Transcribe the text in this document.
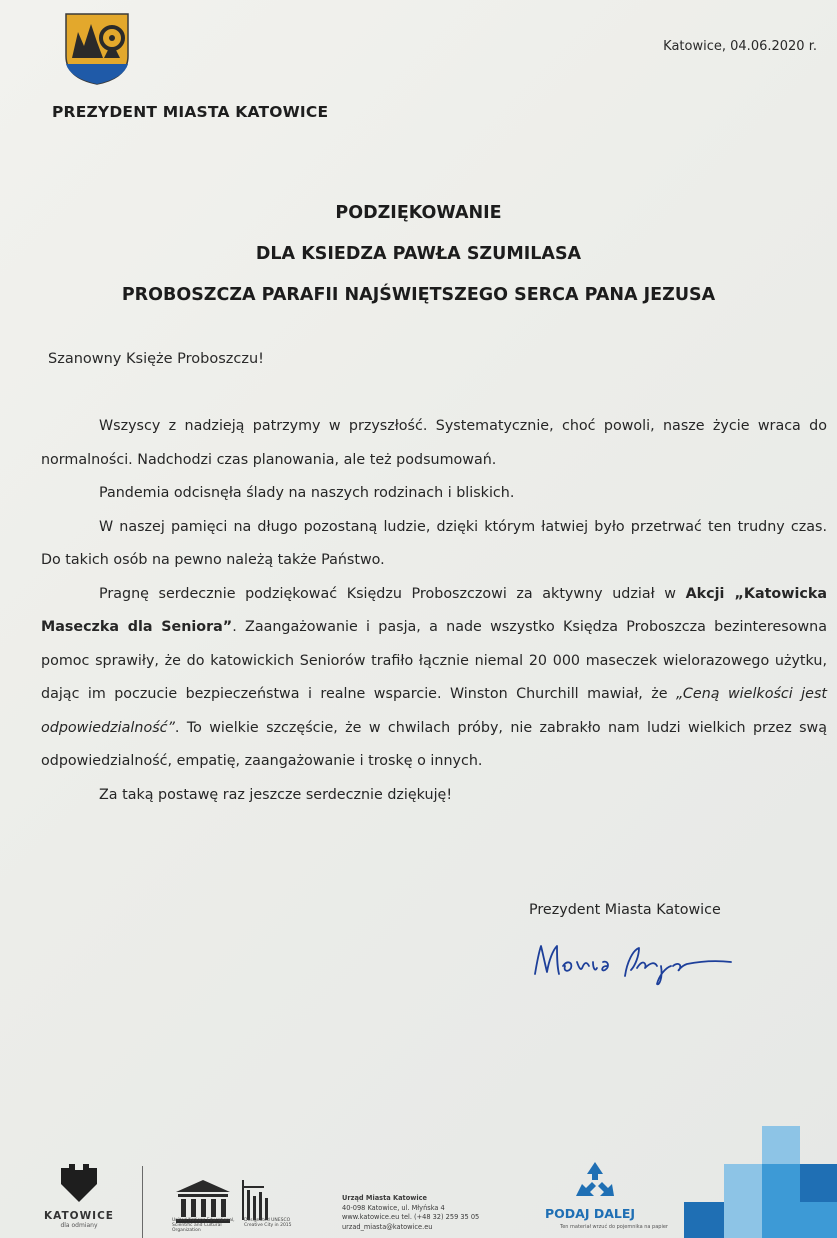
PREZYDENT MIASTA KATOWICE
Katowice, 04.06.2020 r.
PODZIĘKOWANIE
DLA KSIEDZA PAWŁA SZUMILASA
PROBOSZCZA PARAFII NAJŚWIĘTSZEGO SERCA PANA JEZUSA
Szanowny Księże Proboszczu!

Wszyscy z nadzieją patrzymy w przyszłość. Systematycznie, choć powoli, nasze życie wraca do normalności. Nadchodzi czas planowania, ale też podsumowań.

Pandemia odcisnęła ślady na naszych rodzinach i bliskich.

W naszej pamięci na długo pozostaną ludzie, dzięki którym łatwiej było przetrwać ten trudny czas. Do takich osób na pewno należą także Państwo.

Pragnę serdecznie podziękować Księdzu Proboszczowi za aktywny udział w Akcji „Katowicka Maseczka dla Seniora”. Zaangażowanie i pasja, a nade wszystko Księdza Proboszcza bezinteresowna pomoc sprawiły, że do katowickich Seniorów trafiło łącznie niemal 20 000 maseczek wielorazowego użytku, dając im poczucie bezpieczeństwa i realne wsparcie. Winston Churchill mawiał, że „Ceną wielkości jest odpowiedzialność”. To wielkie szczęście, że w chwilach próby, nie zabrakło nam ludzi wielkich przez swą odpowiedzialność, empatię, zaangażowanie i troskę o innych.

Za taką postawę raz jeszcze serdecznie dziękuję!

Prezydent Miasta Katowice
KATOWICE
dla odmiany
United Nations Educational, Scientific and Cultural Organization
Designated UNESCO Creative City in 2015
Urząd Miasta Katowice
40-098 Katowice, ul. Młyńska 4
www.katowice.eu tel. (+48 32) 259 35 05
urzad_miasta@katowice.eu
PODAJ DALEJ
Ten materiał wrzuć do pojemnika na papier
